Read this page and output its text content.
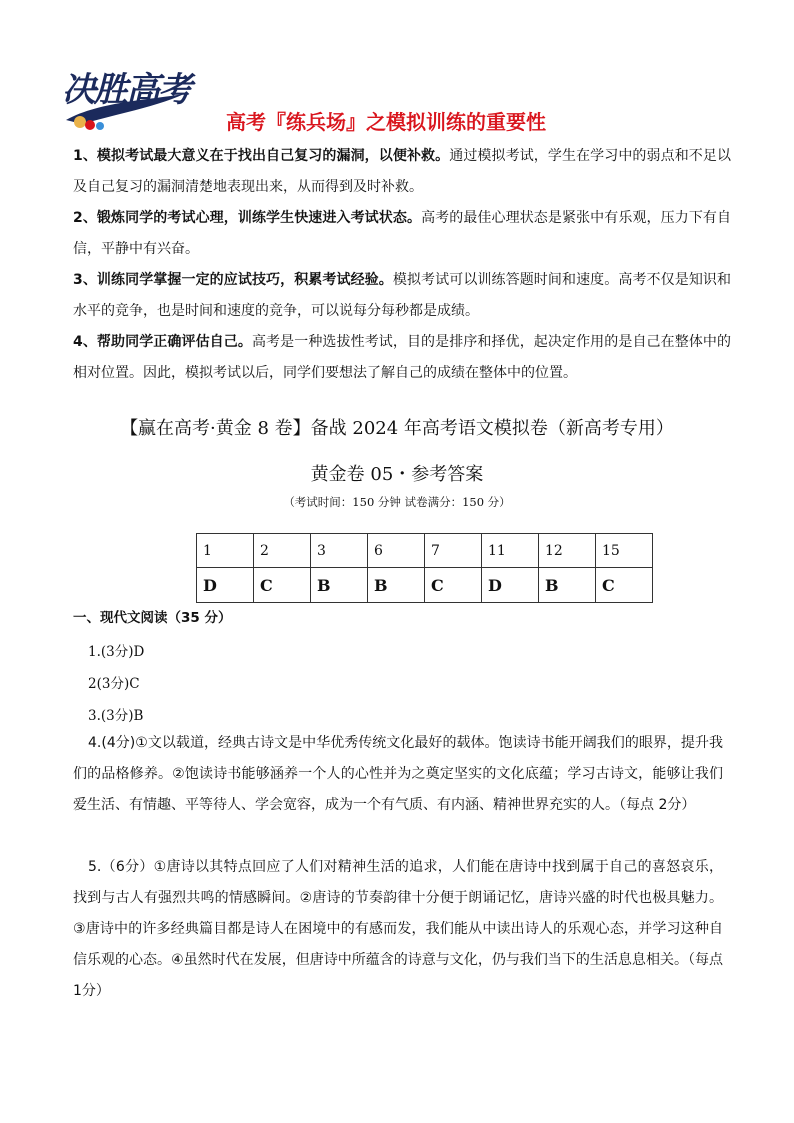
决胜高考
高考『练兵场』之模拟训练的重要性
1、模拟考试最大意义在于找出自己复习的漏洞，以便补救。通过模拟考试，学生在学习中的弱点和不足以及自己复习的漏洞清楚地表现出来，从而得到及时补救。
2、锻炼同学的考试心理，训练学生快速进入考试状态。高考的最佳心理状态是紧张中有乐观，压力下有自信，平静中有兴奋。
3、训练同学掌握一定的应试技巧，积累考试经验。模拟考试可以训练答题时间和速度。高考不仅是知识和水平的竞争，也是时间和速度的竞争，可以说每分每秒都是成绩。
4、帮助同学正确评估自己。高考是一种选拔性考试，目的是排序和择优，起决定作用的是自己在整体中的相对位置。因此，模拟考试以后，同学们要想法了解自己的成绩在整体中的位置。
【赢在高考·黄金 8 卷】备战 2024 年高考语文模拟卷（新高考专用）
黄金卷 05・参考答案
（考试时间：150 分钟 试卷满分：150 分）
1	2	3	6	7	11	12	15
D	C	B	B	C	D	B	C
一、现代文阅读（35 分）
1.(3分)D
2(3分)C
3.(3分)B
4.(4分)①文以载道，经典古诗文是中华优秀传统文化最好的载体。饱读诗书能开阔我们的眼界，提升我们的品格修养。②饱读诗书能够涵养一个人的心性并为之奠定坚实的文化底蕴；学习古诗文，能够让我们爱生活、有情趣、平等待人、学会宽容，成为一个有气质、有内涵、精神世界充实的人。（每点 2分）
5.（6分）①唐诗以其特点回应了人们对精神生活的追求，人们能在唐诗中找到属于自己的喜怒哀乐，找到与古人有强烈共鸣的情感瞬间。②唐诗的节奏韵律十分便于朗诵记忆，唐诗兴盛的时代也极具魅力。③唐诗中的许多经典篇目都是诗人在困境中的有感而发，我们能从中读出诗人的乐观心态，并学习这种自信乐观的心态。④虽然时代在发展，但唐诗中所蕴含的诗意与文化，仍与我们当下的生活息息相关。（每点 1分）
